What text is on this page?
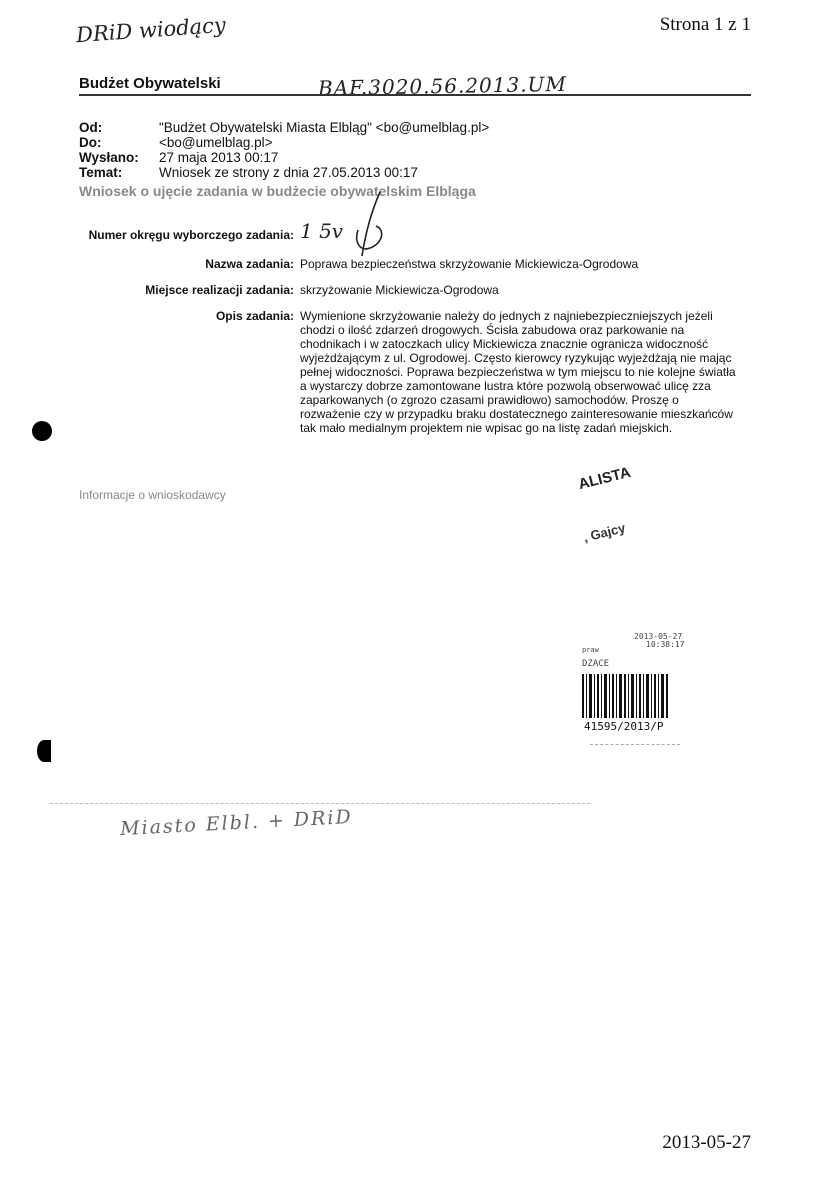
Strona 1 z 1
2013-05-27
DRiD wiodący
BAF.3020.56.2013.UM
Budżet Obywatelski
Od:	"Budżet Obywatelski Miasta Elbląg" <bo@umelblag.pl>
Do:	<bo@umelblag.pl>
Wysłano:	27 maja 2013 00:17
Temat:	Wniosek ze strony z dnia 27.05.2013 00:17
Wniosek o ujęcie zadania w budżecie obywatelskim Elbląga
Numer okręgu wyborczego zadania: 1 5v
Nazwa zadania: Poprawa bezpieczeństwa skrzyżowanie Mickiewicza-Ogrodowa
Miejsce realizacji zadania: skrzyżowanie Mickiewicza-Ogrodowa
Opis zadania: Wymienione skrzyżowanie należy do jednych z najniebezpieczniejszych jeżeli chodzi o ilość zdarzeń drogowych. Ścisła zabudowa oraz parkowanie na chodnikach i w zatoczkach ulicy Mickiewicza znacznie ogranicza widoczność wyjeżdżającym z ul. Ogrodowej. Często kierowcy ryzykując wyjeżdżają nie mając pełnej widoczności. Poprawa bezpieczeństwa w tym miejscu to nie kolejne światła a wystarczy dobrze zamontowane lustra które pozwolą obserwować ulicę zza zaparkowanych (o zgrozo czasami prawidłowo) samochodów. Proszę o rozważenie czy w przypadku braku dostatecznego zainteresowanie mieszkańców tak mało medialnym projektem nie wpisac go na listę zadań miejskich.
Informacje o wnioskodawcy
ALISTA
, Gajcy
2013-05-27
10:38:17
praw
DZACE
41595/2013/P
Miasto Elbl. + DRiD
